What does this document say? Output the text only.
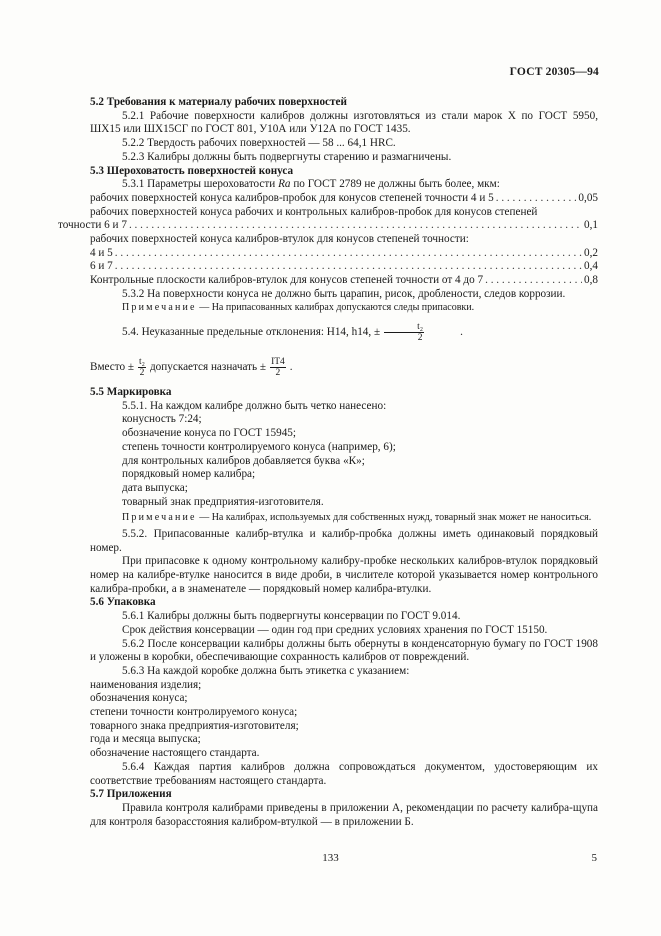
ГОСТ 20305—94

5.2 Требования к материалу рабочих поверхностей

5.2.1 Рабочие поверхности калибров должны изготовляться из стали марок Х по ГОСТ 5950, ШХ15 или ШХ15СГ по ГОСТ 801, У10А или У12А по ГОСТ 1435.

5.2.2 Твердость рабочих поверхностей — 58 ... 64,1 HRC.

5.2.3 Калибры должны быть подвергнуты старению и размагничены.

5.3 Шероховатость поверхностей конуса

5.3.1 Параметры шероховатости Ra по ГОСТ 2789 не должны быть более, мкм:

рабочих поверхностей конуса калибров-пробок для конусов степеней точности 4 и 5 . . .	0,05

рабочих поверхностей конуса рабочих и контрольных калибров-пробок для конусов степеней

точности 6 и 7 . . .	0,1

рабочих поверхностей конуса калибров-втулок для конусов степеней точности:

4 и 5 . . .	0,2
6 и 7 . . .	0,4
Контрольные плоскости калибров-втулок для конусов степеней точности от 4 до 7 . . .	0,8

5.3.2 На поверхности конуса не должно быть царапин, рисок, дроблености, следов коррозии.

Примечание — На припасованных калибрах допускаются следы припасовки.

5.4. Неуказанные предельные отклонения: H14, h14, ± $\frac{\text{t₂}}{2}$	.
Вместо ± $\frac{\text{t₂}}{2}$ допускается назначать ± $\frac{IT4}{2}$ .

5.5 Маркировка

5.5.1. На каждом калибре должно быть четко нанесено:

конусность 7:24;

обозначение конуса по ГОСТ 15945;

степень точности контролируемого конуса (например, 6);

для контрольных калибров добавляется буква «К»;

порядковый номер калибра;

дата выпуска;

товарный знак предприятия-изготовителя.

Примечание — На калибрах, используемых для собственных нужд, товарный знак может не наноситься.

5.5.2. Припасованные калибр-втулка и калибр-пробка должны иметь одинаковый порядковый номер.

При припасовке к одному контрольному калибру-пробке нескольких калибров-втулок порядковый номер на калибре-втулке наносится в виде дроби, в числителе которой указывается номер контрольного калибра-пробки, а в знаменателе — порядковый номер калибра-втулки.

5.6 Упаковка

5.6.1 Калибры должны быть подвергнуты консервации по ГОСТ 9.014.

Срок действия консервации — один год при средних условиях хранения по ГОСТ 15150.

5.6.2 После консервации калибры должны быть обернуты в конденсаторную бумагу по ГОСТ 1908 и уложены в коробки, обеспечивающие сохранность калибров от повреждений.

5.6.3 На каждой коробке должна быть этикетка с указанием:

наименования изделия;

обозначения конуса;

степени точности контролируемого конуса;

товарного знака предприятия-изготовителя;

года и месяца выпуска;

обозначение настоящего стандарта.

5.6.4 Каждая партия калибров должна сопровождаться документом, удостоверяющим их соответствие требованиям настоящего стандарта.

5.7 Приложения

Правила контроля калибрами приведены в приложении А, рекомендации по расчету калибра-щупа для контроля базорасстояния калибром-втулкой — в приложении Б.

133	5
